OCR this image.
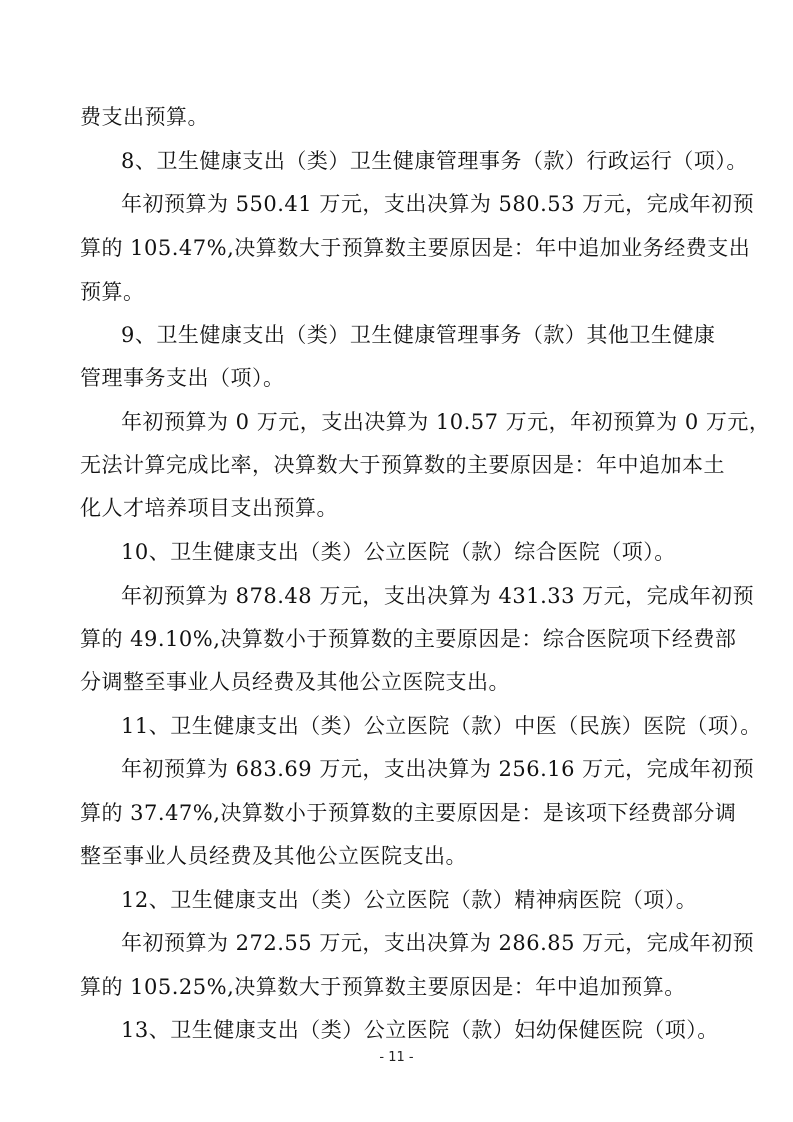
费支出预算。
8、卫生健康支出（类）卫生健康管理事务（款）行政运行（项）。
年初预算为 550.41 万元，支出决算为 580.53 万元，完成年初预
算的 105.47%,决算数大于预算数主要原因是：年中追加业务经费支出
预算。
9、卫生健康支出（类）卫生健康管理事务（款）其他卫生健康
管理事务支出（项）。
年初预算为 0 万元，支出决算为 10.57 万元，年初预算为 0 万元，
无法计算完成比率，决算数大于预算数的主要原因是：年中追加本土
化人才培养项目支出预算。
10、卫生健康支出（类）公立医院（款）综合医院（项）。
年初预算为 878.48 万元，支出决算为 431.33 万元，完成年初预
算的 49.10%,决算数小于预算数的主要原因是：综合医院项下经费部
分调整至事业人员经费及其他公立医院支出。
11、卫生健康支出（类）公立医院（款）中医（民族）医院（项）。
年初预算为 683.69 万元，支出决算为 256.16 万元，完成年初预
算的 37.47%,决算数小于预算数的主要原因是：是该项下经费部分调
整至事业人员经费及其他公立医院支出。
12、卫生健康支出（类）公立医院（款）精神病医院（项）。
年初预算为 272.55 万元，支出决算为 286.85 万元，完成年初预
算的 105.25%,决算数大于预算数主要原因是：年中追加预算。
13、卫生健康支出（类）公立医院（款）妇幼保健医院（项）。
- 11 -
